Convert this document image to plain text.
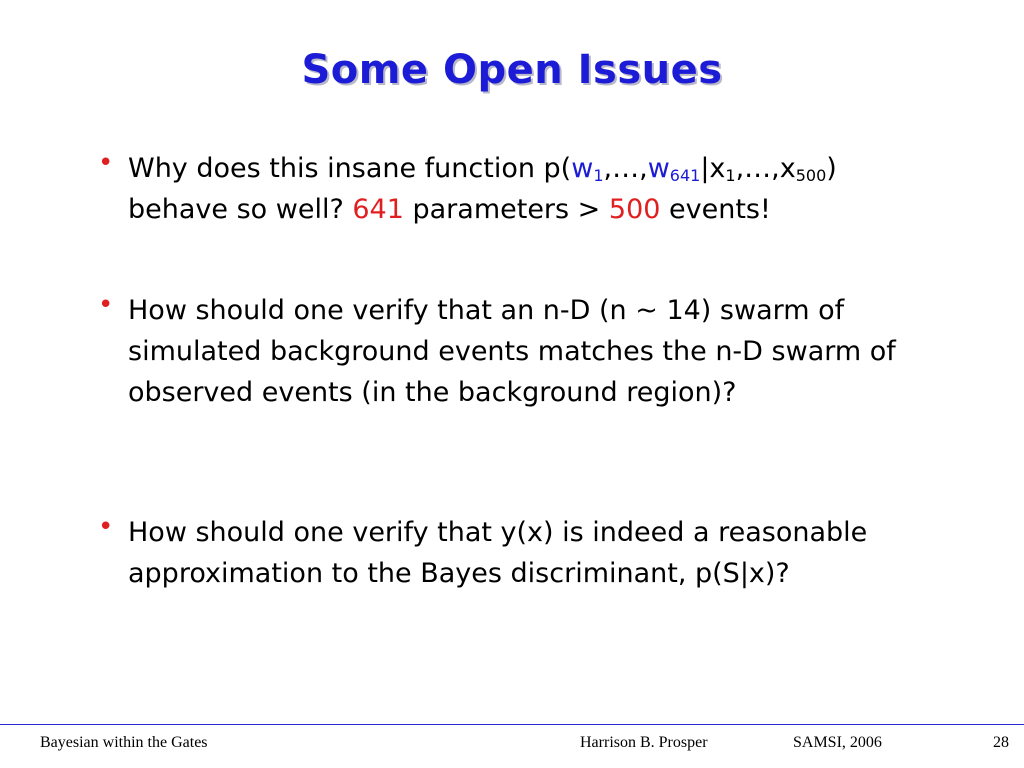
Some Open Issues
• Why does this insane function $p(w_1,\dots,w_{641}|x_1,\dots,x_{500})$
behave so well? 641 parameters > 500 events!
• How should one verify that an n-D (n ~ 14) swarm of simulated background events matches the n-D swarm of observed events (in the background region)?
• How should one verify that y(x) is indeed a reasonable approximation to the Bayes discriminant, p(S|x)?
Bayesian within the Gates	Harrison B. Prosper	SAMSI, 2006	28
